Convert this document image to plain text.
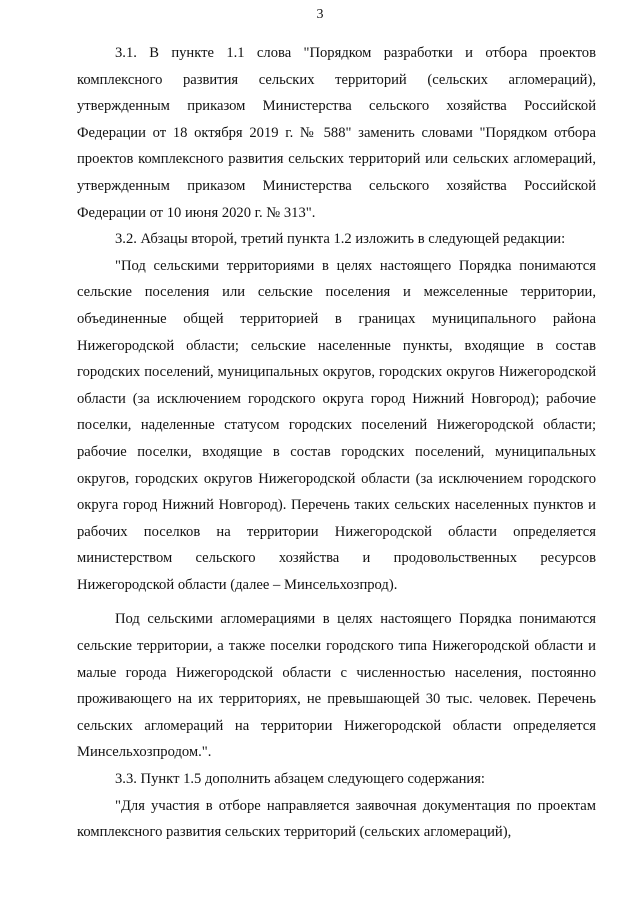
3

3.1. В пункте 1.1 слова "Порядком разработки и отбора проектов комплексного развития сельских территорий (сельских агломераций), утвержденным приказом Министерства сельского хозяйства Российской Федерации от 18 октября 2019 г. № 588" заменить словами "Порядком отбора проектов комплексного развития сельских территорий или сельских агломераций, утвержденным приказом Министерства сельского хозяйства Российской Федерации от 10 июня 2020 г. № 313".

3.2. Абзацы второй, третий пункта 1.2 изложить в следующей редакции:

"Под сельскими территориями в целях настоящего Порядка понимаются сельские поселения или сельские поселения и межселенные территории, объединенные общей территорией в границах муниципального района Нижегородской области; сельские населенные пункты, входящие в состав городских поселений, муниципальных округов, городских округов Нижегородской области (за исключением городского округа город Нижний Новгород); рабочие поселки, наделенные статусом городских поселений Нижегородской области; рабочие поселки, входящие в состав городских поселений, муниципальных округов, городских округов Нижегородской области (за исключением городского округа город Нижний Новгород). Перечень таких сельских населенных пунктов и рабочих поселков на территории Нижегородской области определяется министерством сельского хозяйства и продовольственных ресурсов Нижегородской области (далее – Минсельхозпрод).

Под сельскими агломерациями в целях настоящего Порядка понимаются сельские территории, а также поселки городского типа Нижегородской области и малые города Нижегородской области с численностью населения, постоянно проживающего на их территориях, не превышающей 30 тыс. человек. Перечень сельских агломераций на территории Нижегородской области определяется Минсельхозпродом.".

3.3. Пункт 1.5 дополнить абзацем следующего содержания:

"Для участия в отборе направляется заявочная документация по проектам комплексного развития сельских территорий (сельских агломераций),
